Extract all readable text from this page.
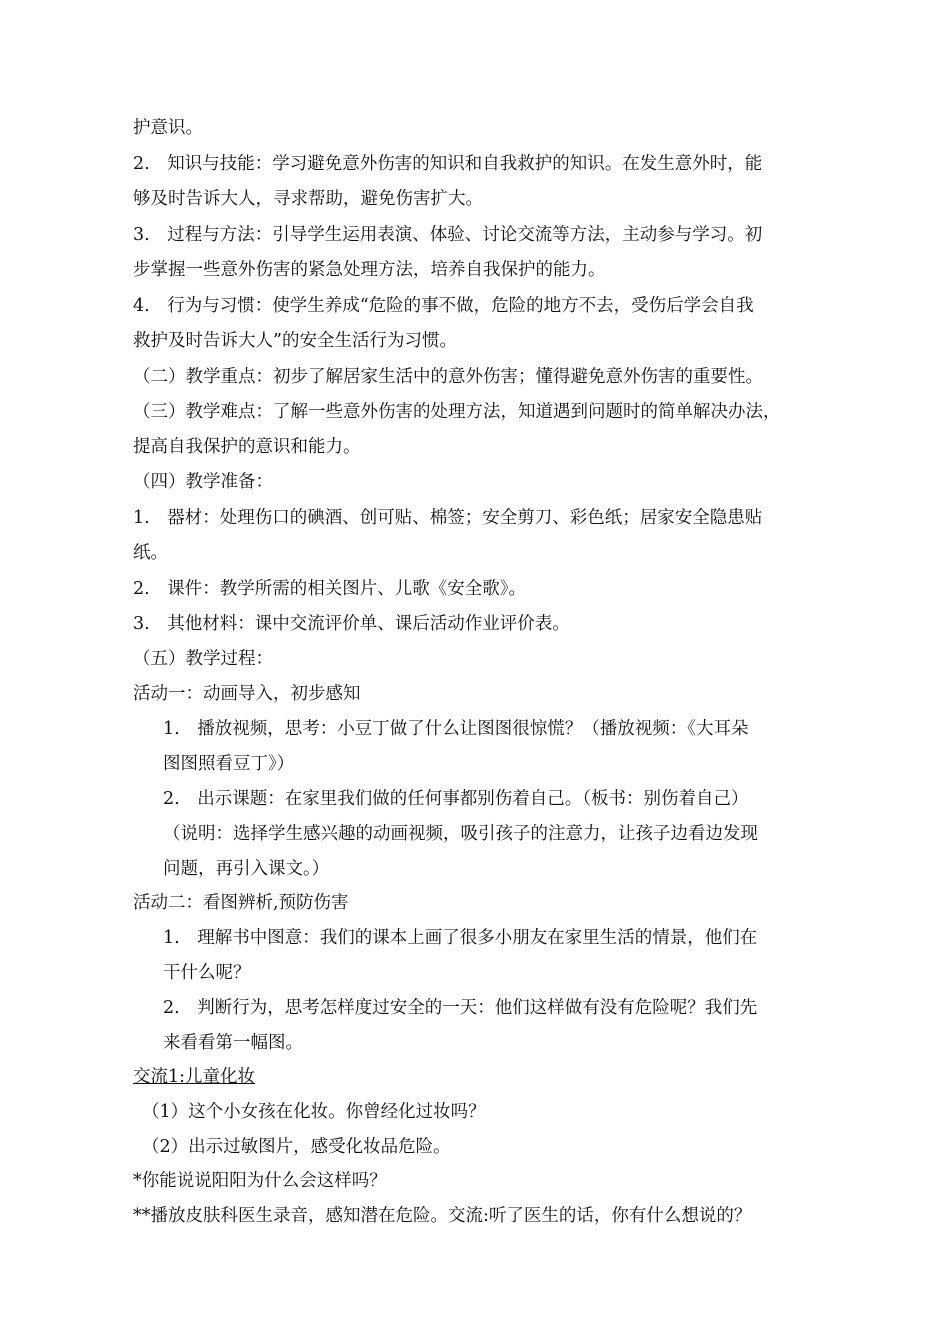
护意识。
2.　知识与技能：学习避免意外伤害的知识和自我救护的知识。在发生意外时，能
够及时告诉大人，寻求帮助，避免伤害扩大。
3.　过程与方法：引导学生运用表演、体验、讨论交流等方法，主动参与学习。初
步掌握一些意外伤害的紧急处理方法，培养自我保护的能力。
4.　行为与习惯：使学生养成“危险的事不做，危险的地方不去，受伤后学会自我
救护及时告诉大人”的安全生活行为习惯。
（二）教学重点：初步了解居家生活中的意外伤害；懂得避免意外伤害的重要性。
（三）教学难点：了解一些意外伤害的处理方法，知道遇到问题时的简单解决办法，
提高自我保护的意识和能力。
（四）教学准备：
1.　器材：处理伤口的碘酒、创可贴、棉签；安全剪刀、彩色纸；居家安全隐患贴
纸。
2.　课件：教学所需的相关图片、儿歌《安全歌》。
3.　其他材料：课中交流评价单、课后活动作业评价表。
（五）教学过程：
活动一：动画导入，初步感知
1.　播放视频，思考：小豆丁做了什么让图图很惊慌？（播放视频：《大耳朵
图图照看豆丁》）
2.　出示课题：在家里我们做的任何事都别伤着自己。（板书：别伤着自己）
（说明：选择学生感兴趣的动画视频，吸引孩子的注意力，让孩子边看边发现
问题，再引入课文。）
活动二：看图辨析,预防伤害
1.　理解书中图意：我们的课本上画了很多小朋友在家里生活的情景，他们在
干什么呢？
2.　判断行为，思考怎样度过安全的一天：他们这样做有没有危险呢？我们先
来看看第一幅图。
交流1:儿童化妆
（1）这个小女孩在化妆。你曾经化过妆吗？
（2）出示过敏图片，感受化妆品危险。
*你能说说阳阳为什么会这样吗？
**播放皮肤科医生录音，感知潜在危险。交流:听了医生的话，你有什么想说的？
